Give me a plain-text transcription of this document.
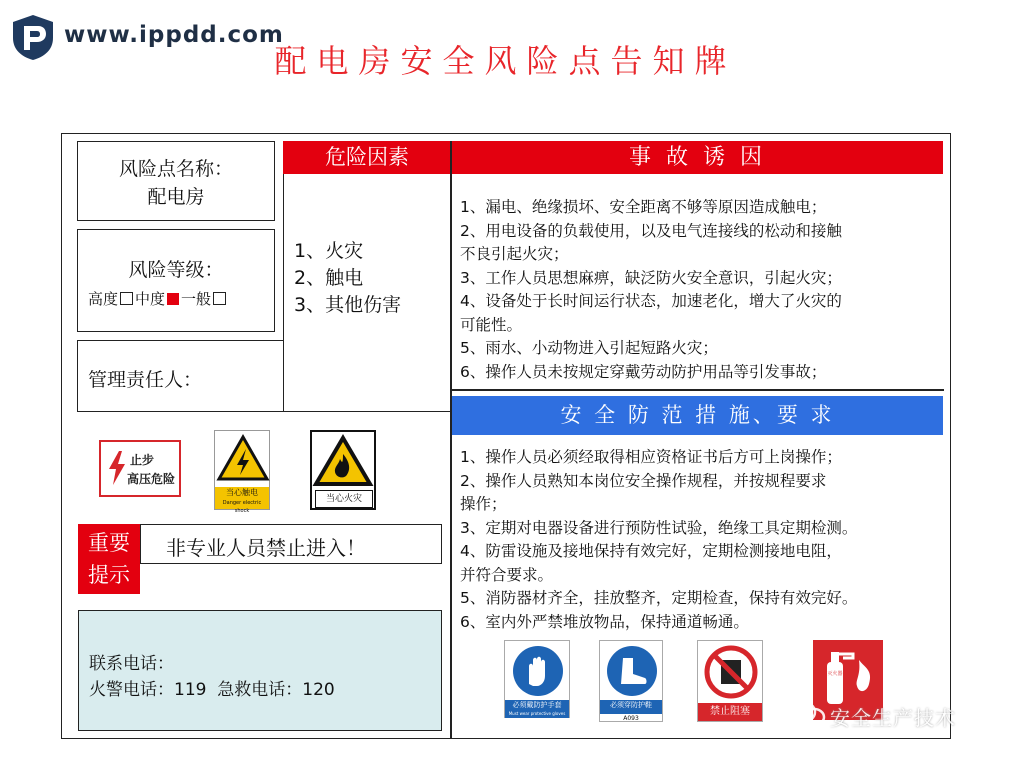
www.ippdd.com
配电房安全风险点告知牌
风险点名称：
配电房
风险等级：
高度 中度 一般
管理责任人：
危险因素
1、火灾
2、触电
3、其他伤害
事 故 诱 因
1、漏电、绝缘损坏、安全距离不够等原因造成触电；
2、用电设备的负载使用，以及电气连接线的松动和接触
不良引起火灾；
3、工作人员思想麻痹，缺泛防火安全意识，引起火灾；
4、设备处于长时间运行状态，加速老化，增大了火灾的
可能性。
5、雨水、小动物进入引起短路火灾；
6、操作人员未按规定穿戴劳动防护用品等引发事故；
安 全 防 范 措 施、要 求
1、操作人员必须经取得相应资格证书后方可上岗操作；
2、操作人员熟知本岗位安全操作规程，并按规程要求
操作；
3、定期对电器设备进行预防性试验，绝缘工具定期检测。
4、防雷设施及接地保持有效完好，定期检测接地电阻，
并符合要求。
5、消防器材齐全，挂放整齐，定期检查，保持有效完好。
6、室内外严禁堆放物品，保持通道畅通。
止步
高压危险
当心触电
Danger electric shock
当心火灾
重要
提示
非专业人员禁止进入！
联系电话：
火警电话：119  急救电话：120
必须戴防护手套
Must wear protective gloves
必须穿防护鞋
A093
禁止阻塞
灭火器
安全生产技术
